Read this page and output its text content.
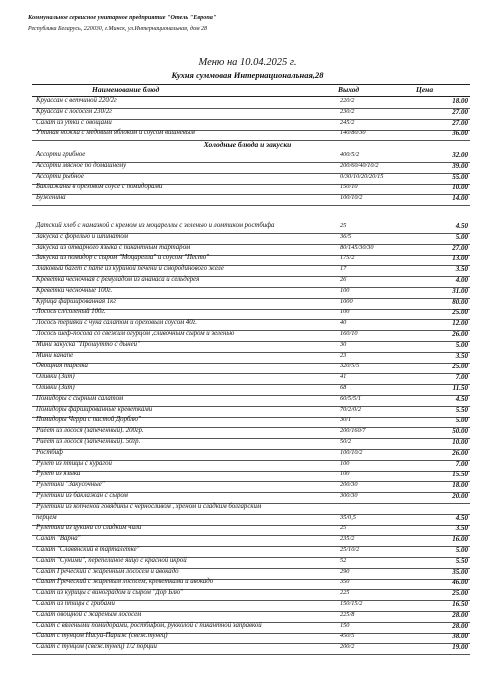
Коммунальное сервисное унитарное предприятие "Отель "Европа"
Республика Беларусь, 220030, г.Минск, ул.Интернациональная, дом 28
Меню на 10.04.2025 г.
Кухня суммовая Интернациональная,28
Наименование блюд	Выход	Цена
Круассан с ветчиной 220/2г	220/2	18.00
Круассан с лососем 230/2г	230/2	27.00
Салат из утки с овощами	245/2	27.00
Утиная ножка с медовым яблоком и соусом вишневым	140/80/30	36.00
Холодные блюда и закуски
Ассорти грибное	400/5/2	32.00
Ассорти мясное по домашнему	200/60/40/10/2	39.00
Ассорти рыбное	0/30/10/20/20/15	55.00
Баклажаны в ореховом соусе с помидорами	150/10	10.00
Буженина	100/10/2	14.00
Датский хлеб с намазкой с кремом из моцареллы с зеленью и ломтиком ростбифа	25	4.50
Закуска с форелью и шпинатом	36/5	5.00
Закуска из отварного языка с пикантным тартаром	80/145/30/30	27.00
Закуска из помидор с сыром "Моцарелла" и соусом "Песто"	175/2	13.00
Злаковый багет с пате из куриной печени и смородинового желе	17	3.50
Креветка чесночная с ремуладом из ананаса и сельдерея	26	4.00
Креветки чесночные 100г.	100	31.00
Курица фаршированная 1кг	1000	80.00
Лосось сл/соленый 100г.	100	25.00
Лосось терияки с чука салатом и ореховым соусом 40г.	40	12.00
Лосось шеф-посола со свежим огурцом ,сливочным сыром и зеленью	160/10	26.00
Мини закуска "Прошутто с дыней"	30	5.00
Мини канапе	23	3.50
Овощная тарелка	320/5/5	25.00
Оливки (Зит)	41	7.00
Оливки (Зит)	68	11.50
Помидоры с сырным салатом	60/5/5/1	4.50
Помидоры фаршированные креветками	70/2/0/2	5.50
Помидоры Черри с пастой Дорблю"	30/1	5.00
Риёет из лосося (запеченный). 200гр.	200/160/7	50.00
Риёет из лосося (запеченный). 50гр.	50/2	10.00
Ростбиф	100/10/2	26.00
Рулет из птицы с курагой	100	7.00
Рулет из языка	100	15.50
Рулетики "Закусочные"	200/30	18.00
Рулетики из баклажан с сыром	300/30	20.00
Рулетики из копченой говядины с черносливом , хреном и сладким болгарским
перцем	35/0,5	4.50
Рулетики из цукини со сладким чили	25	3.50
Салат "Варна"	235/2	16.00
Салат "Славянский в тарталетке"	25/10/2	5.00
Салат "Суними", перепелиное яйцо с красной икрой	52	5.50
Салат Греческий с жаренным лососем и авокадо	290	35.00
Салат Греческий с жареным лососем, креветками и авокадо	350	46.00
Салат из курицы с виноградом и сыром "Дор Блю"	225	25.00
Салат из птицы с грибами	150/15/2	16.50
Салат овощной с жареным лососем	225/8	28.00
Салат с вялеными помидорами, ростбифом, рукколой с пикантной заправкой	150	28.00
Салат с тунцом Нисуа-Париж (свеж.тунец)	450/5	38.00
Салат с тунцом (свеж.тунец) 1/2 порции	200/2	19.00
